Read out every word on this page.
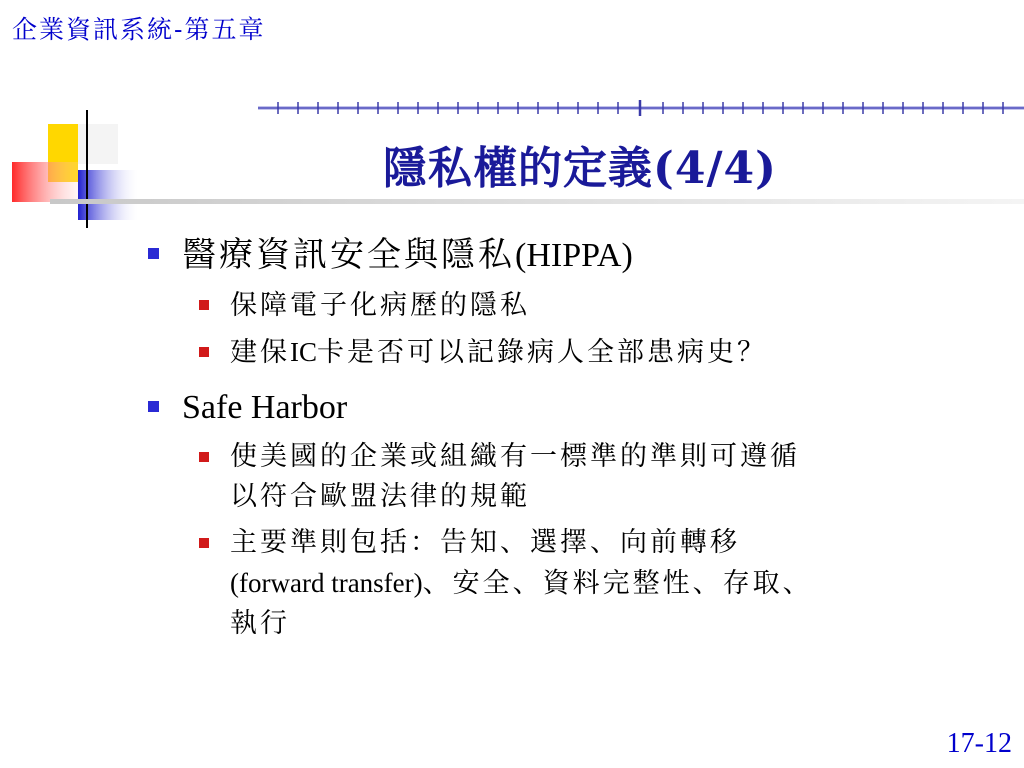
企業資訊系統-第五章
隱私權的定義(4/4)
醫療資訊安全與隱私(HIPPA)
保障電子化病歷的隱私
建保IC卡是否可以記錄病人全部患病史？
Safe Harbor
使美國的企業或組織有一標準的準則可遵循
以符合歐盟法律的規範
主要準則包括：告知、選擇、向前轉移
(forward transfer)、安全、資料完整性、存取、
執行
17-12
